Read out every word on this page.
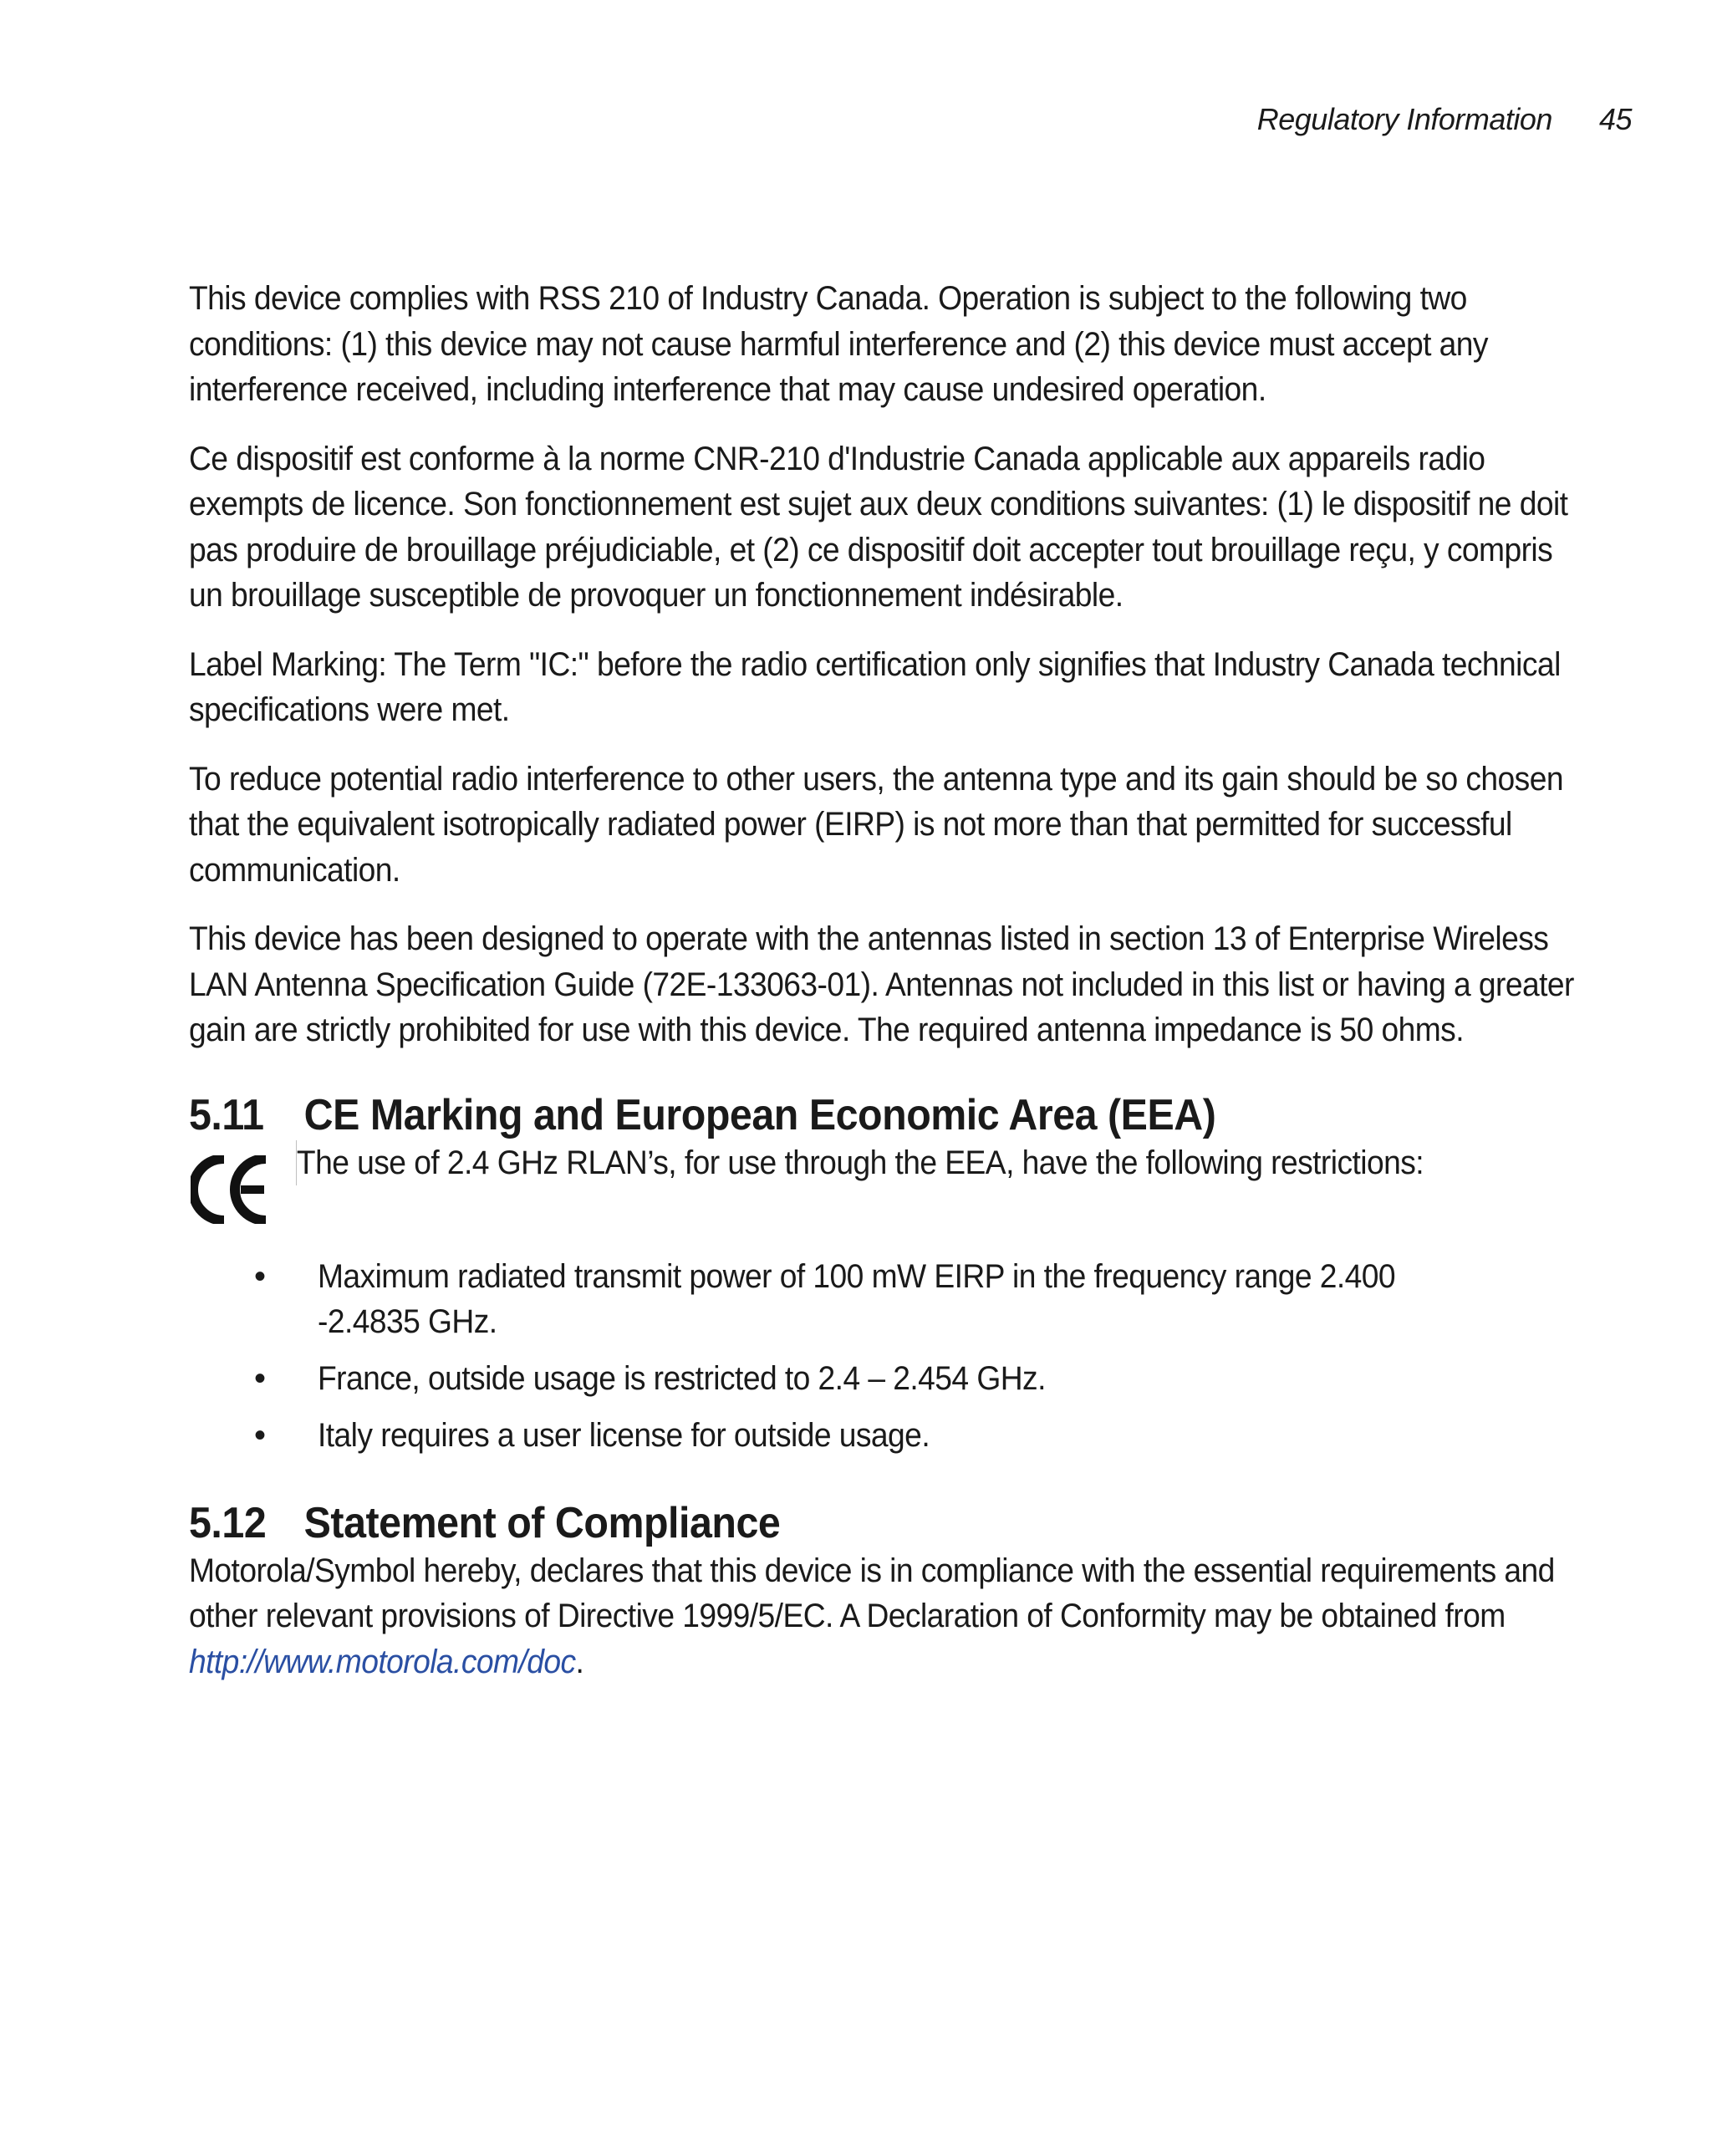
Regulatory Information 45

This device complies with RSS 210 of Industry Canada. Operation is subject to the following two conditions: (1) this device may not cause harmful interference and (2) this device must accept any interference received, including interference that may cause undesired operation.

Ce dispositif est conforme à la norme CNR-210 d'Industrie Canada applicable aux appareils radio exempts de licence. Son fonctionnement est sujet aux deux conditions suivantes: (1) le dispositif ne doit pas produire de brouillage préjudiciable, et (2) ce dispositif doit accepter tout brouillage reçu, y compris un brouillage susceptible de provoquer un fonctionnement indésirable.

Label Marking: The Term "IC:" before the radio certification only signifies that Industry Canada technical specifications were met.

To reduce potential radio interference to other users, the antenna type and its gain should be so chosen that the equivalent isotropically radiated power (EIRP) is not more than that permitted for successful communication.

This device has been designed to operate with the antennas listed in section 13 of Enterprise Wireless LAN Antenna Specification Guide (72E-133063-01). Antennas not included in this list or having a greater gain are strictly prohibited for use with this device. The required antenna impedance is 50 ohms.

5.11 CE Marking and European Economic Area (EEA)
The use of 2.4 GHz RLAN’s, for use through the EEA, have the following restrictions:
•	Maximum radiated transmit power of 100 mW EIRP in the frequency range 2.400 -2.4835 GHz.
•	France, outside usage is restricted to 2.4 – 2.454 GHz.
•	Italy requires a user license for outside usage.
5.12 Statement of Compliance

Motorola/Symbol hereby, declares that this device is in compliance with the essential requirements and other relevant provisions of Directive 1999/5/EC. A Declaration of Conformity may be obtained from http://www.motorola.com/doc.
